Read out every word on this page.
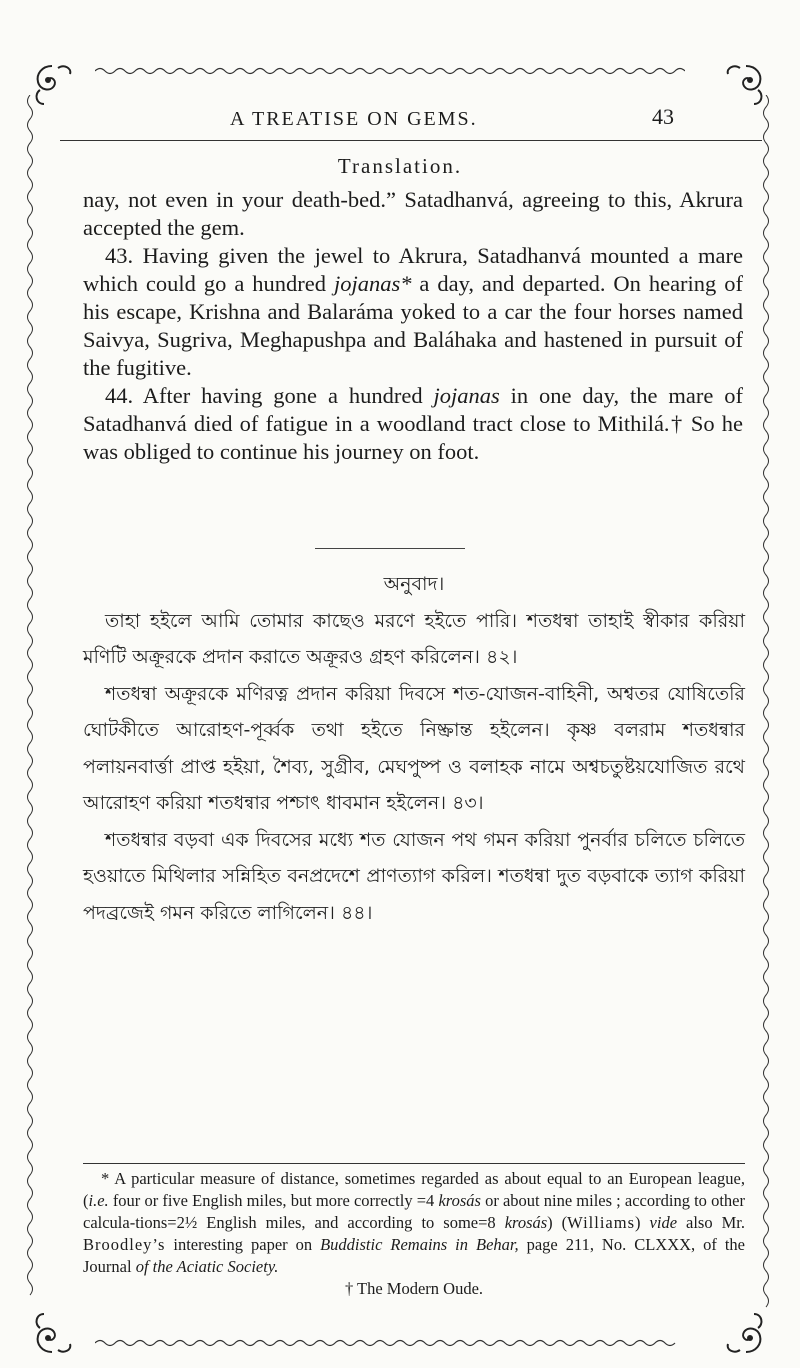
A TREATISE ON GEMS.	43
Translation.

nay, not even in your death-bed.” Satadhanvá, agreeing to this, Akrura accepted the gem.

43. Having given the jewel to Akrura, Satadhanvá mounted a mare which could go a hundred jojanas* a day, and departed. On hearing of his escape, Krishna and Balaráma yoked to a car the four horses named Saivya, Sugriva, Meghapushpa and Baláhaka and hastened in pursuit of the fugitive.

44. After having gone a hundred jojanas in one day, the mare of Satadhanvá died of fatigue in a woodland tract close to Mithilá.† So he was obliged to continue his journey on foot.

অনুবাদ।

তাহা হইলে আমি তোমার কাছেও মরণে হইতে পারি। শতধন্বা তাহাই স্বীকার করিয়া মণিটি অক্রূরকে প্রদান করাতে অক্রূরও গ্রহণ করিলেন। ৪২।

শতধন্বা অক্রূরকে মণিরত্ন প্রদান করিয়া দিবসে শত-যোজন-বাহিনী, অশ্বতর যোষিতেরি ঘোটকীতে আরোহণ-পূর্ব্বক তথা হইতে নিষ্ক্রান্ত হইলেন। কৃষ্ণ বলরাম শতধন্বার পলায়নবার্ত্তা প্রাপ্ত হইয়া, শৈব্য, সুগ্রীব, মেঘপুষ্প ও বলাহক নামে অশ্বচতুষ্টয়যোজিত রথে আরোহণ করিয়া শতধন্বার পশ্চাৎ ধাবমান হইলেন। ৪৩।

শতধন্বার বড়বা এক দিবসের মধ্যে শত যোজন পথ গমন করিয়া পুনর্বার চলিতে চলিতে হওয়াতে মিথিলার সন্নিহিত বনপ্রদেশে প্রাণত্যাগ করিল। শতধন্বা দুত বড়বাকে ত্যাগ করিয়া পদব্রজেই গমন করিতে লাগিলেন। ৪৪।

* A particular measure of distance, sometimes regarded as about equal to an European league, (i.e. four or five English miles, but more correctly =4 krosás or about nine miles ; according to other calcula-tions=2½ English miles, and according to some=8 krosás) (Williams) vide also Mr. Broodley’s interesting paper on Buddistic Remains in Behar, page 211, No. CLXXX, of the Journal of the Aciatic Society.

† The Modern Oude.
